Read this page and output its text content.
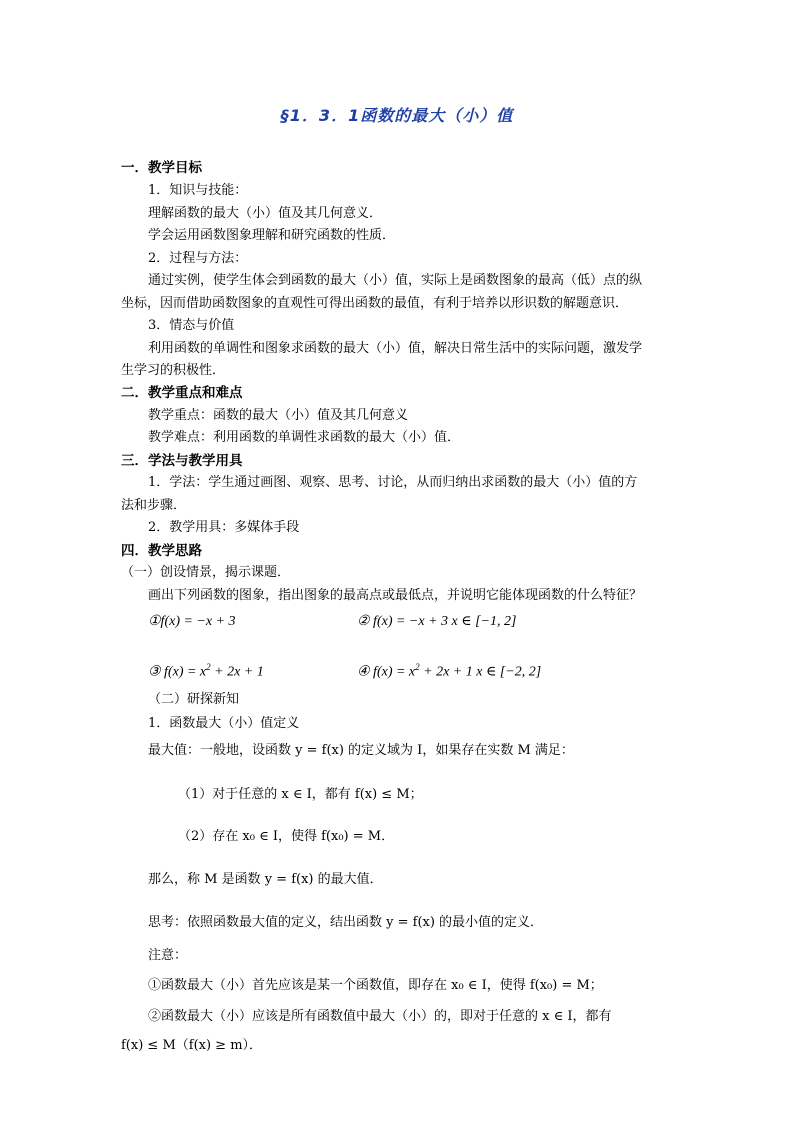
§1．3．1函数的最大（小）值
一．教学目标
1．知识与技能：
理解函数的最大（小）值及其几何意义．
学会运用函数图象理解和研究函数的性质．
2．过程与方法：
通过实例，使学生体会到函数的最大（小）值，实际上是函数图象的最高（低）点的纵
坐标，因而借助函数图象的直观性可得出函数的最值，有利于培养以形识数的解题意识．
3．情态与价值
利用函数的单调性和图象求函数的最大（小）值，解决日常生活中的实际问题，激发学
生学习的积极性．
二．教学重点和难点
教学重点：函数的最大（小）值及其几何意义
教学难点：利用函数的单调性求函数的最大（小）值．
三．学法与教学用具
1．学法：学生通过画图、观察、思考、讨论，从而归纳出求函数的最大（小）值的方
法和步骤．
2．教学用具：多媒体手段
四．教学思路
（一）创设情景，揭示课题．
画出下列函数的图象，指出图象的最高点或最低点，并说明它能体现函数的什么特征？
①f(x) = −x + 3	② f(x) = −x + 3 x ∈ [−1, 2]
③ $f(x) = x^2 + 2x + 1$	④ $f(x) = x^2 + 2x + 1$ x ∈ [−2, 2]
（二）研探新知
1．函数最大（小）值定义
最大值：一般地，设函数 y = f(x) 的定义域为 I，如果存在实数 M 满足：
（1）对于任意的 x ∈ I，都有 f(x) ≤ M；
（2）存在 x₀ ∈ I，使得 f(x₀) = M．
那么，称 M 是函数 y = f(x) 的最大值．
思考：依照函数最大值的定义，结出函数 y = f(x) 的最小值的定义．
注意：
①函数最大（小）首先应该是某一个函数值，即存在 x₀ ∈ I，使得 f(x₀) = M；
②函数最大（小）应该是所有函数值中最大（小）的，即对于任意的 x ∈ I，都有
f(x) ≤ M（f(x) ≥ m）．
